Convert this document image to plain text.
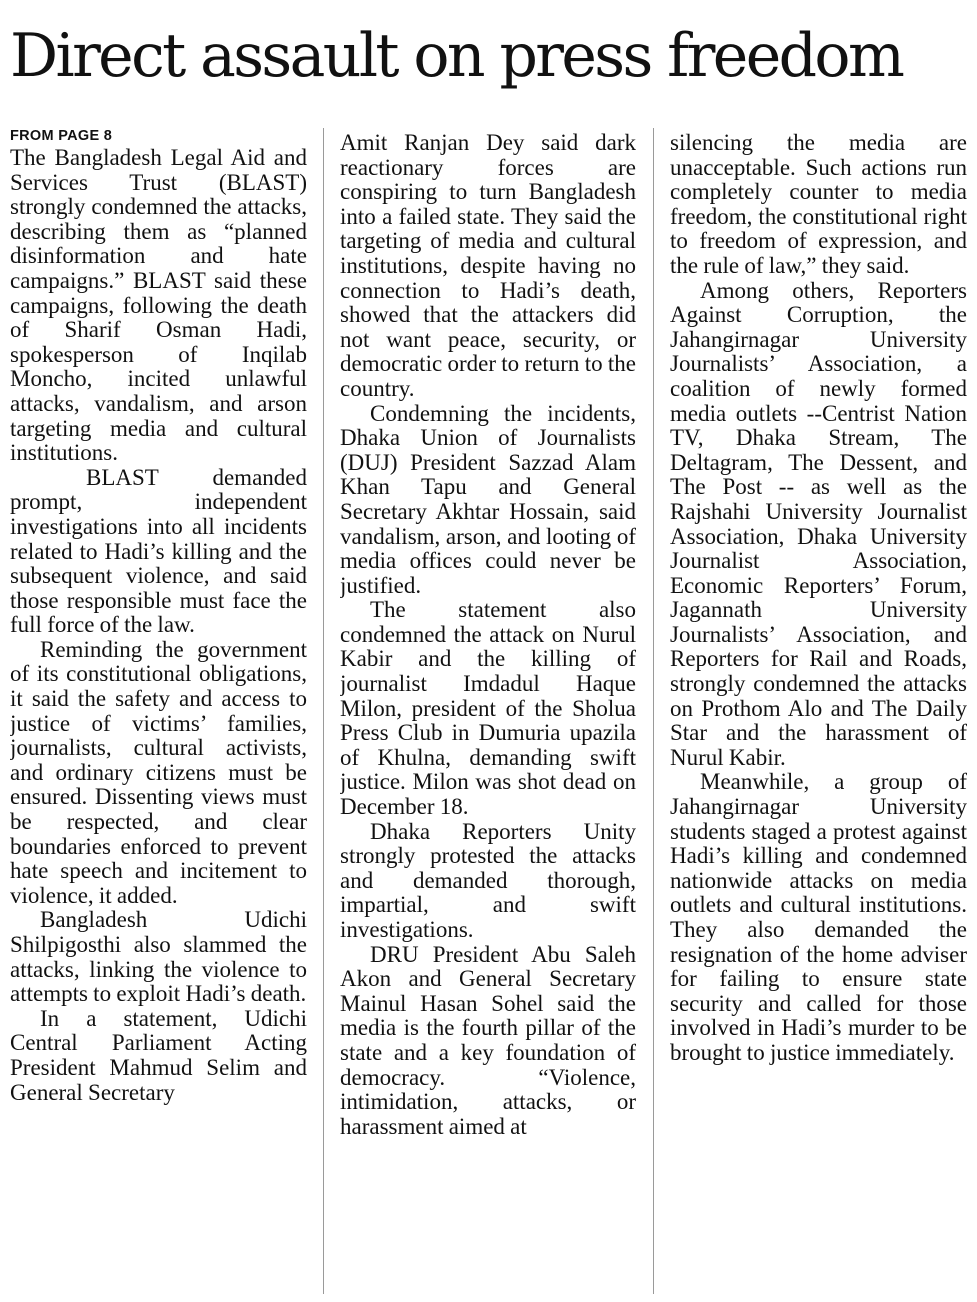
Direct assault on press freedom
FROM PAGE 8

The Bangladesh Legal Aid and Services Trust (BLAST) strongly condemned the attacks, describing them as “planned disinformation and hate campaigns.” BLAST said these campaigns, following the death of Sharif Osman Hadi, spokesperson of Inqilab Moncho, incited unlawful attacks, vandalism, and arson targeting media and cultural institutions.

BLAST demanded prompt, independent investigations into all incidents related to Hadi’s killing and the subsequent violence, and said those responsible must face the full force of the law.

Reminding the government of its constitutional obligations, it said the safety and access to justice of victims’ families, journalists, cultural activists, and ordinary citizens must be ensured. Dissenting views must be respected, and clear boundaries enforced to prevent hate speech and incitement to violence, it added.

Bangladesh Udichi Shilpigosthi also slammed the attacks, linking the violence to attempts to exploit Hadi’s death.

In a statement, Udichi Central Parliament Acting President Mahmud Selim and General Secretary

Amit Ranjan Dey said dark reactionary forces are conspiring to turn Bangladesh into a failed state. They said the targeting of media and cultural institutions, despite having no connection to Hadi’s death, showed that the attackers did not want peace, security, or democratic order to return to the country.

Condemning the incidents, Dhaka Union of Journalists (DUJ) President Sazzad Alam Khan Tapu and General Secretary Akhtar Hossain, said vandalism, arson, and looting of media offices could never be justified.

The statement also condemned the attack on Nurul Kabir and the killing of journalist Imdadul Haque Milon, president of the Sholua Press Club in Dumuria upazila of Khulna, demanding swift justice. Milon was shot dead on December 18.

Dhaka Reporters Unity strongly protested the attacks and demanded thorough, impartial, and swift investigations.

DRU President Abu Saleh Akon and General Secretary Mainul Hasan Sohel said the media is the fourth pillar of the state and a key foundation of democracy. “Violence, intimidation, attacks, or harassment aimed at

silencing the media are unacceptable. Such actions run completely counter to media freedom, the constitutional right to freedom of expression, and the rule of law,” they said.

Among others, Reporters Against Corruption, the Jahangirnagar University Journalists’ Association, a coalition of newly formed media outlets --Centrist Nation TV, Dhaka Stream, The Deltagram, The Dessent, and The Post -- as well as the Rajshahi University Journalist Association, Dhaka University Journalist Association, Economic Reporters’ Forum, Jagannath University Journalists’ Association, and Reporters for Rail and Roads, strongly condemned the attacks on Prothom Alo and The Daily Star and the harassment of Nurul Kabir.

Meanwhile, a group of Jahangirnagar University students staged a protest against Hadi’s killing and condemned nationwide attacks on media outlets and cultural institutions. They also demanded the resignation of the home adviser for failing to ensure state security and called for those involved in Hadi’s murder to be brought to justice immediately.
